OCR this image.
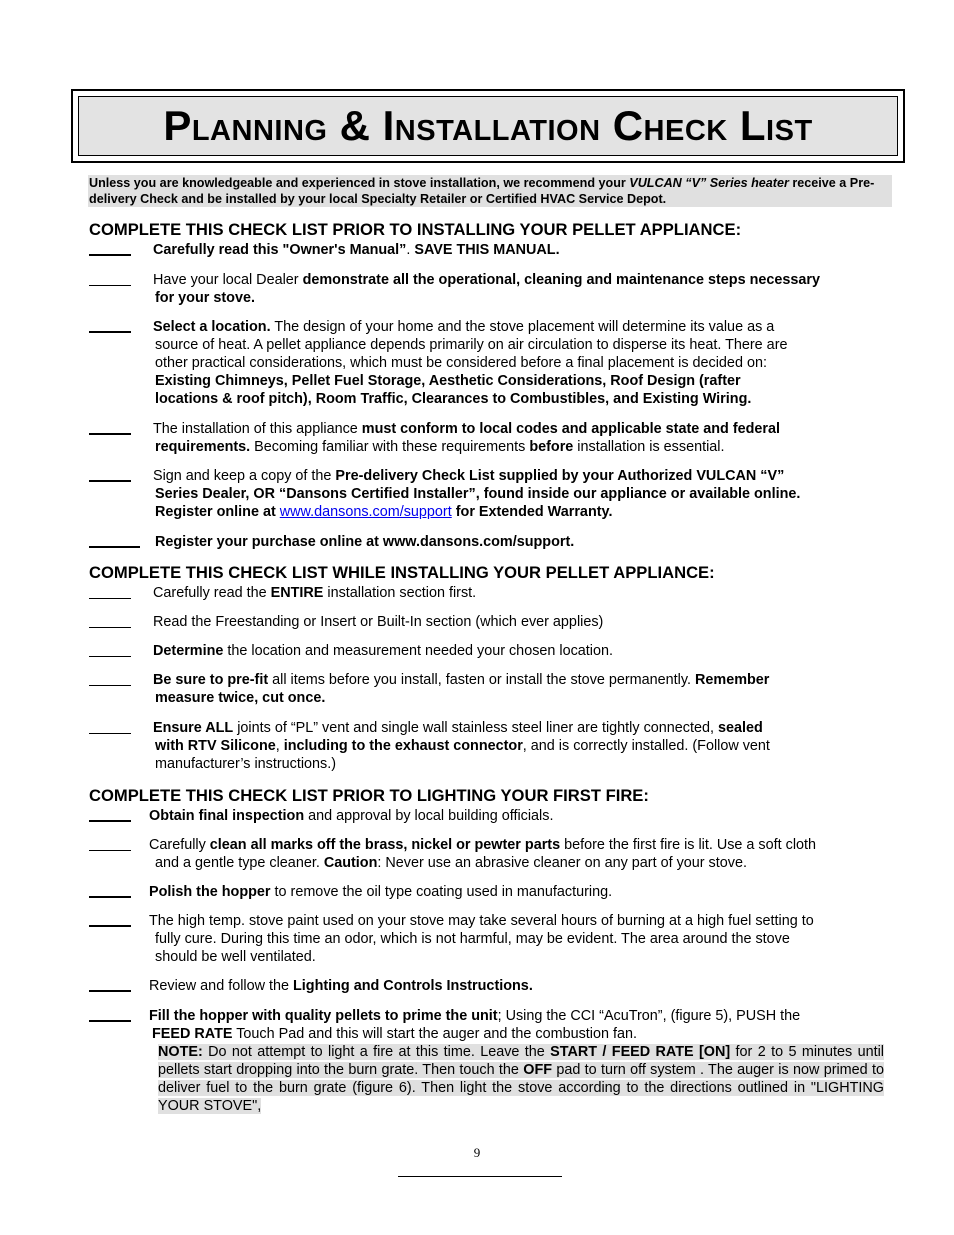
Planning & Installation Check List
Unless you are knowledgeable and experienced in stove installation, we recommend your VULCAN “V” Series heater receive a Pre-delivery Check and be installed by your local Specialty Retailer or Certified HVAC Service Depot.
COMPLETE THIS CHECK LIST PRIOR TO INSTALLING YOUR PELLET APPLIANCE:
Carefully read this "Owner's Manual”. SAVE THIS MANUAL.
Have your local Dealer demonstrate all the operational, cleaning and maintenance steps necessary
for your stove.
Select a location. The design of your home and the stove placement will determine its value as a
source of heat. A pellet appliance depends primarily on air circulation to disperse its heat. There are
other practical considerations, which must be considered before a final placement is decided on:
Existing Chimneys, Pellet Fuel Storage, Aesthetic Considerations, Roof Design (rafter
locations & roof pitch), Room Traffic, Clearances to Combustibles, and Existing Wiring.
The installation of this appliance must conform to local codes and applicable state and federal
requirements. Becoming familiar with these requirements before installation is essential.
Sign and keep a copy of the Pre-delivery Check List supplied by your Authorized VULCAN “V”
Series Dealer, OR “Dansons Certified Installer”, found inside our appliance or available online.
Register online at www.dansons.com/support for Extended Warranty.
Register your purchase online at www.dansons.com/support.
COMPLETE THIS CHECK LIST WHILE INSTALLING YOUR PELLET APPLIANCE:
Carefully read the ENTIRE installation section first.
Read the Freestanding or Insert or Built-In section (which ever applies)
Determine the location and measurement needed your chosen location.
Be sure to pre-fit all items before you install, fasten or install the stove permanently. Remember
measure twice, cut once.
Ensure ALL joints of “PL” vent and single wall stainless steel liner are tightly connected, sealed
with RTV Silicone, including to the exhaust connector, and is correctly installed. (Follow vent
manufacturer’s instructions.)
COMPLETE THIS CHECK LIST PRIOR TO LIGHTING YOUR FIRST FIRE:
Obtain final inspection and approval by local building officials.
Carefully clean all marks off the brass, nickel or pewter parts before the first fire is lit. Use a soft cloth
and a gentle type cleaner. Caution: Never use an abrasive cleaner on any part of your stove.
Polish the hopper to remove the oil type coating used in manufacturing.
The high temp. stove paint used on your stove may take several hours of burning at a high fuel setting to
fully cure. During this time an odor, which is not harmful, may be evident. The area around the stove
should be well ventilated.
Review and follow the Lighting and Controls Instructions.
Fill the hopper with quality pellets to prime the unit; Using the CCI “AcuTron”, (figure 5), PUSH the
FEED RATE Touch Pad and this will start the auger and the combustion fan.
NOTE: Do not attempt to light a fire at this time. Leave the START / FEED RATE [ON] for 2 to 5 minutes until pellets start dropping into the burn grate. Then touch the OFF pad to turn off system . The auger is now primed to deliver fuel to the burn grate (figure 6). Then light the stove according to the directions outlined in "LIGHTING YOUR STOVE",
9
